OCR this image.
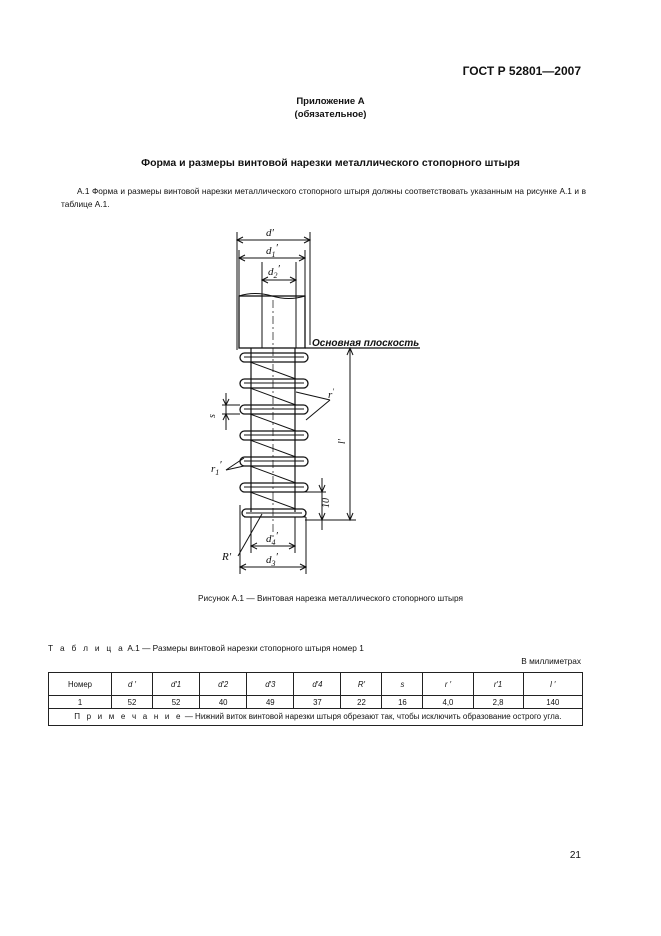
ГОСТ Р 52801—2007
Приложение А
(обязательное)
Форма и размеры винтовой нарезки металлического стопорного штыря
А.1 Форма и размеры винтовой нарезки металлического стопорного штыря должны соответствовать указанным на рисунке А.1 и в таблице А.1.
d′
$d_1'$
$d_2'$
Основная плоскость
r′
s
l′
$r_1'$
10
$d_4'$
R′	$d_3'$
Рисунок А.1 — Винтовая нарезка металлического стопорного штыря
Т а б л и ц а А.1 — Размеры винтовой нарезки стопорного штыря номер 1
В миллиметрах
Номер	d ′	d′1	d′2	d′3	d′4	R′	s	r ′	r′1	l ′
1	52	52	40	49	37	22	16	4,0	2,8	140
П р и м е ч а н и е — Нижний виток винтовой нарезки штыря обрезают так, чтобы исключить образование острого угла.										
21
